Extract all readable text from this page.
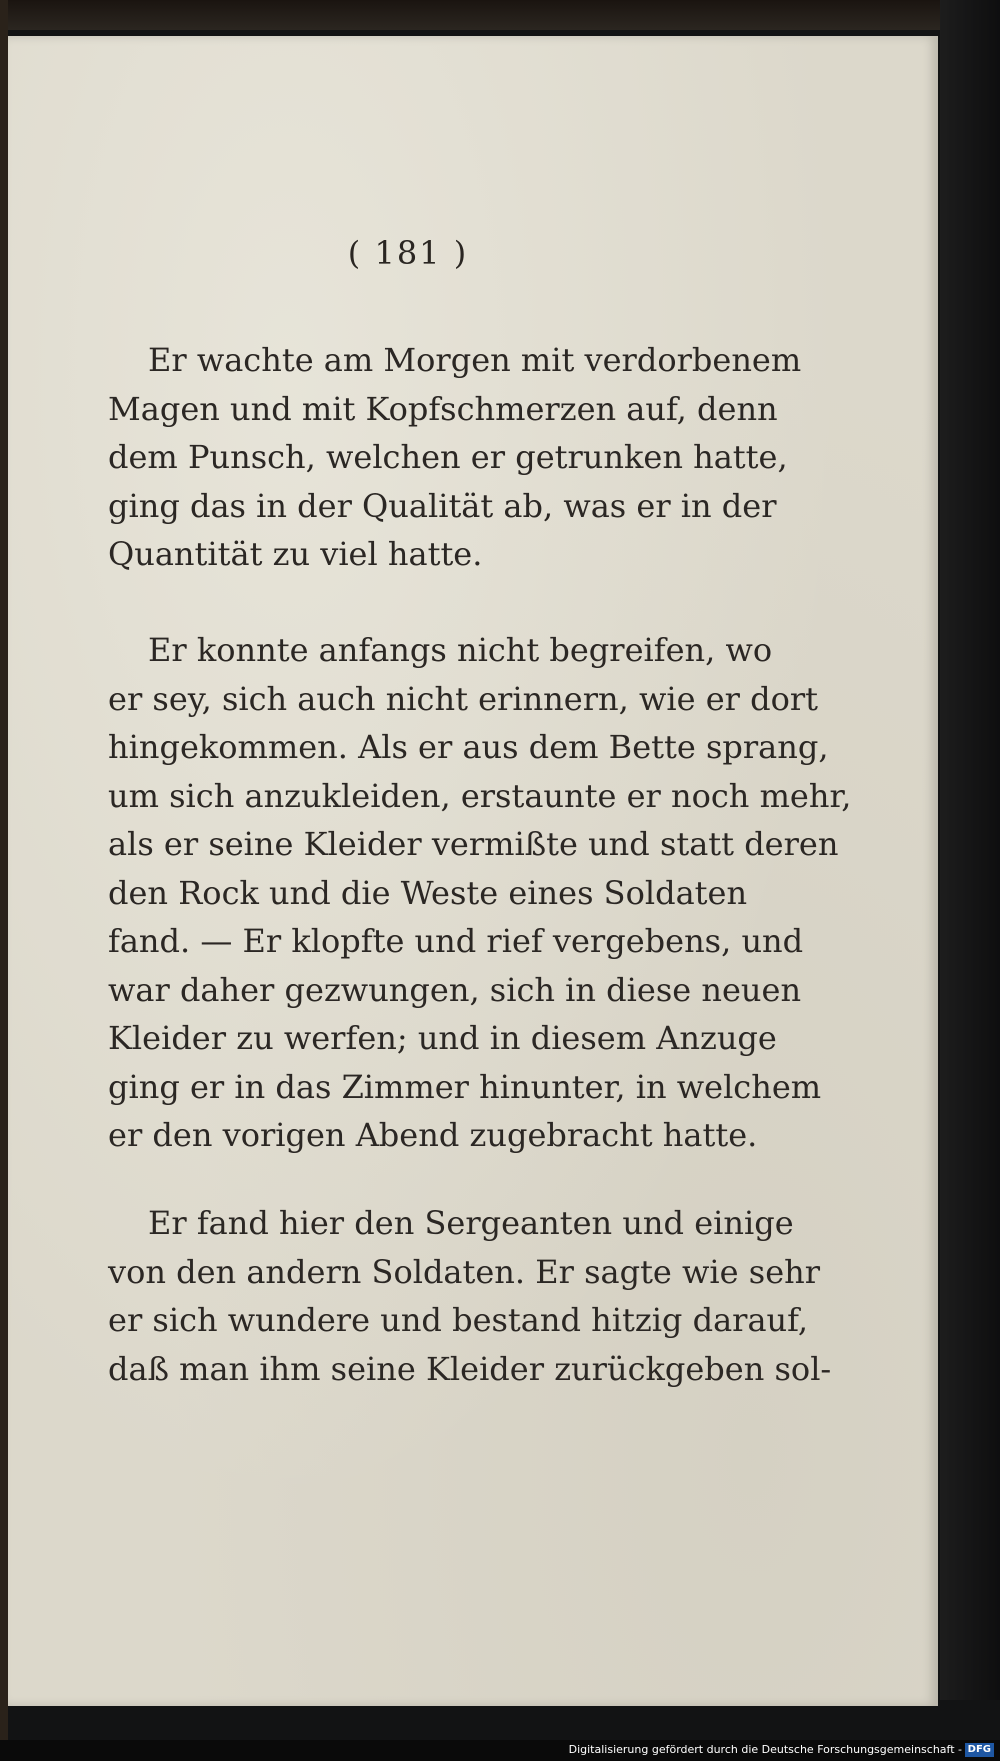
( 181 )
Er wachte am Morgen mit verdorbenem
Magen und mit Kopfschmerzen auf, denn
dem Punsch, welchen er getrunken hatte,
ging das in der Qualität ab, was er in der
Quantität zu viel hatte.
Er konnte anfangs nicht begreifen, wo
er sey, sich auch nicht erinnern, wie er dort
hingekommen. Als er aus dem Bette sprang,
um sich anzukleiden, erstaunte er noch mehr,
als er seine Kleider vermißte und statt deren
den Rock und die Weste eines Soldaten
fand. — Er klopfte und rief vergebens, und
war daher gezwungen, sich in diese neuen
Kleider zu werfen; und in diesem Anzuge
ging er in das Zimmer hinunter, in welchem
er den vorigen Abend zugebracht hatte.
Er fand hier den Sergeanten und einige
von den andern Soldaten. Er sagte wie sehr
er sich wundere und bestand hitzig darauf,
daß man ihm seine Kleider zurückgeben sol-
Digitalisierung gefördert durch die Deutsche Forschungsgemeinschaft - DFG
